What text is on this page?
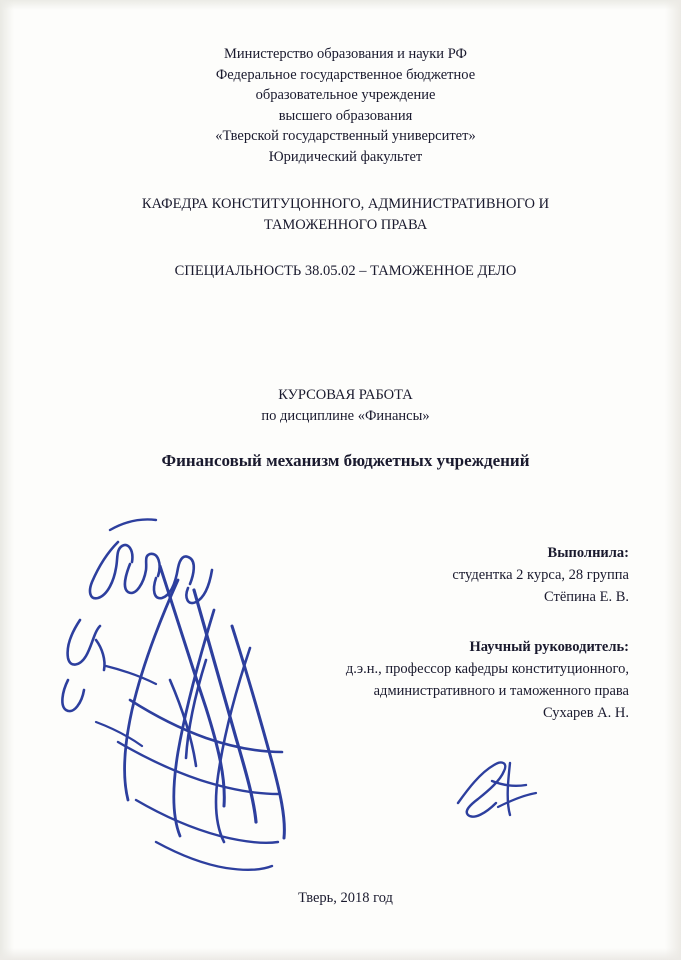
Министерство образования и науки РФ
Федеральное государственное бюджетное
образовательное учреждение
высшего образования
«Тверской государственный университет»
Юридический факультет
КАФЕДРА КОНСТИТУЦОННОГО, АДМИНИСТРАТИВНОГО И
ТАМОЖЕННОГО ПРАВА
СПЕЦИАЛЬНОСТЬ 38.05.02 – ТАМОЖЕННОЕ ДЕЛО
КУРСОВАЯ РАБОТА
по дисциплине «Финансы»
Финансовый механизм бюджетных учреждений
Выполнила:
студентка 2 курса, 28 группа
Стёпина Е. В.
Научный руководитель:
д.э.н., профессор кафедры конституционного,
административного и таможенного права
Сухарев А. Н.
Тверь, 2018 год
